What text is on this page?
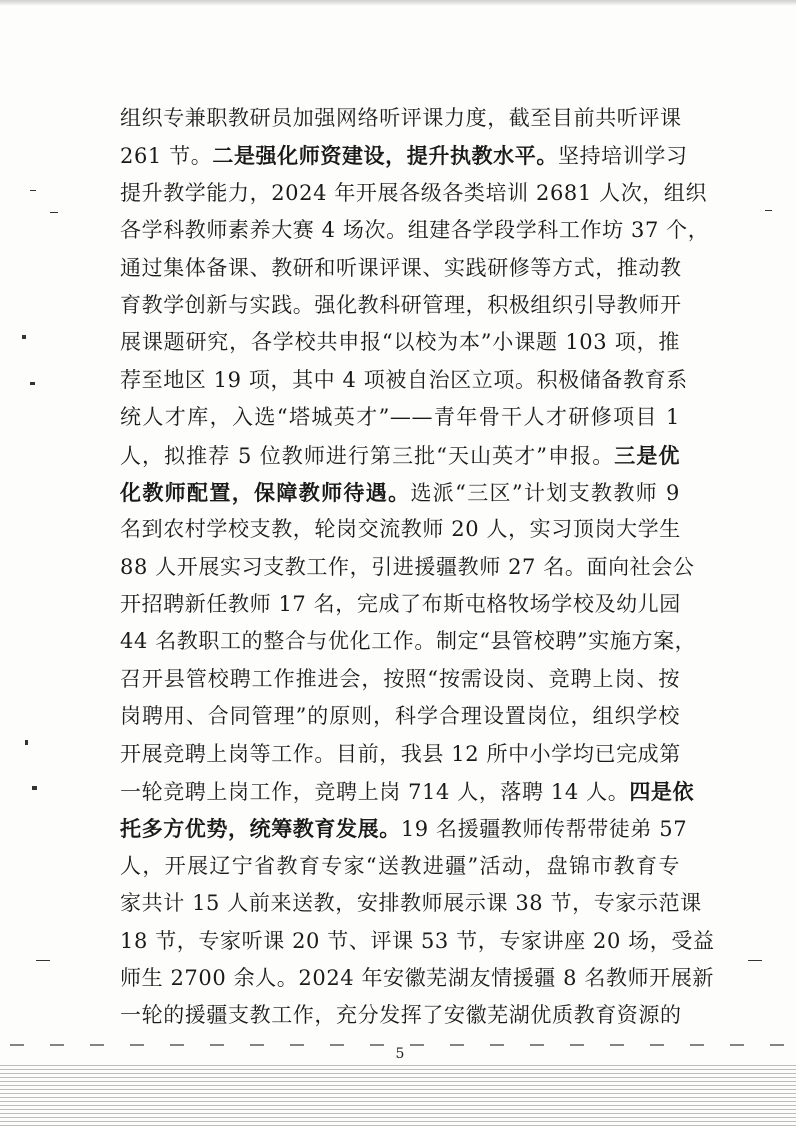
组织专兼职教研员加强网络听评课力度，截至目前共听评课
261 节。二是强化师资建设，提升执教水平。坚持培训学习
提升教学能力，2024 年开展各级各类培训 2681 人次，组织
各学科教师素养大赛 4 场次。组建各学段学科工作坊 37 个，
通过集体备课、教研和听课评课、实践研修等方式，推动教
育教学创新与实践。强化教科研管理，积极组织引导教师开
展课题研究，各学校共申报“以校为本”小课题 103 项，推
荐至地区 19 项，其中 4 项被自治区立项。积极储备教育系
统人才库，入选“塔城英才”——青年骨干人才研修项目 1
人，拟推荐 5 位教师进行第三批“天山英才”申报。三是优
化教师配置，保障教师待遇。选派“三区”计划支教教师 9
名到农村学校支教，轮岗交流教师 20 人，实习顶岗大学生
88 人开展实习支教工作，引进援疆教师 27 名。面向社会公
开招聘新任教师 17 名，完成了布斯屯格牧场学校及幼儿园
44 名教职工的整合与优化工作。制定“县管校聘”实施方案，
召开县管校聘工作推进会，按照“按需设岗、竞聘上岗、按
岗聘用、合同管理”的原则，科学合理设置岗位，组织学校
开展竞聘上岗等工作。目前，我县 12 所中小学均已完成第
一轮竞聘上岗工作，竞聘上岗 714 人，落聘 14 人。四是依
托多方优势，统筹教育发展。19 名援疆教师传帮带徒弟 57
人，开展辽宁省教育专家“送教进疆”活动，盘锦市教育专
家共计 15 人前来送教，安排教师展示课 38 节，专家示范课
18 节，专家听课 20 节、评课 53 节，专家讲座 20 场，受益
师生 2700 余人。2024 年安徽芜湖友情援疆 8 名教师开展新
一轮的援疆支教工作，充分发挥了安徽芜湖优质教育资源的
5
